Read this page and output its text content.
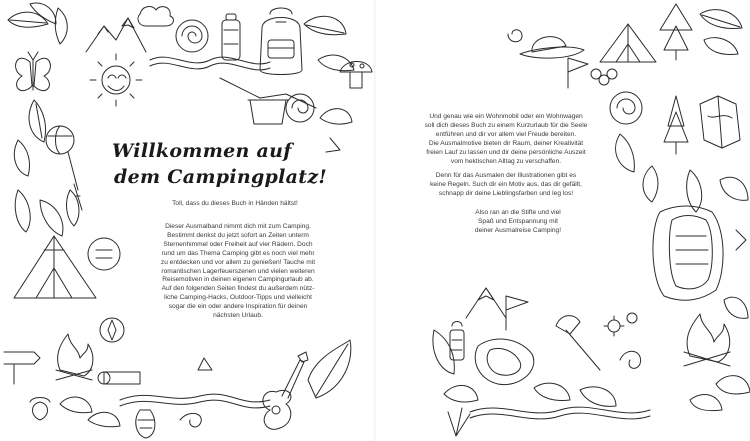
Willkommen auf
dem Campingplatz!
Toll, dass du dieses Buch in Händen hältst!

Dieser Ausmalband nimmt dich mit zum Camping.

Bestimmt denkst du jetzt sofort an Zeiten unterm

Sternenhimmel oder Freiheit auf vier Rädern. Doch

rund um das Thema Camping gibt es noch viel mehr

zu entdecken und vor allem zu genießen! Tauche mit

romantischen Lagerfeuerszenen und vielen weiteren

Reisemotiven in deinen eigenen Campingurlaub ab.

Auf den folgenden Seiten findest du außerdem nütz-

liche Camping-Hacks, Outdoor-Tipps und vielleicht

sogar die ein oder andere Inspiration für deinen

nächsten Urlaub.

Und genau wie ein Wohnmobil oder ein Wohnwagen
soll dich dieses Buch zu einem Kurzurlaub für die Seele
entführen und dir vor allem viel Freude bereiten.
Die Ausmalmotive bieten dir Raum, deiner Kreativität
freien Lauf zu lassen und dir deine persönliche Auszeit
vom hektischen Alltag zu verschaffen.

Denn für das Ausmalen der Illustrationen gibt es
keine Regeln. Such dir ein Motiv aus, das dir gefällt,
schnapp dir deine Lieblingsfarben und leg los!

Also ran an die Stifte und viel
Spaß und Entspannung mit
deiner Ausmalreise Camping!
